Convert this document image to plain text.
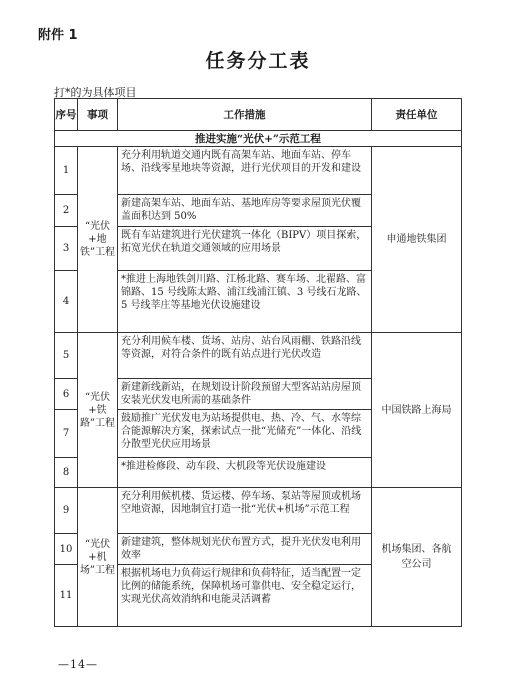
附件 1
任务分工表
打*的为具体项目
序号	事项	工作措施	责任单位
推进实施“光伏+”示范工程			
1	“光伏+地铁”工程	充分利用轨道交通内既有高架车站、地面车站、停车场、沿线零星地块等资源，进行光伏项目的开发和建设	申通地铁集团
2		新建高架车站、地面车站、基地库房等要求屋顶光伏覆盖面积达到 50%	
3		既有车站建筑进行光伏建筑一体化（BIPV）项目探索，拓宽光伏在轨道交通领域的应用场景	
4		*推进上海地铁剑川路、江杨北路、赛车场、北翟路、富锦路、15 号线陈太路、浦江线浦江镇、3 号线石龙路、5 号线莘庄等基地光伏设施建设	
5	“光伏+铁路”工程	充分利用候车楼、货场、站房、站台风雨棚、铁路沿线等资源，对符合条件的既有站点进行光伏改造	中国铁路上海局
6		新建新线新站，在规划设计阶段预留大型客站站房屋顶安装光伏发电所需的基础条件	
7		鼓励推广光伏发电为站场提供电、热、冷、气、水等综合能源解决方案，探索试点一批“光储充”一体化、沿线分散型光伏应用场景	
8		*推进检修段、动车段、大机段等光伏设施建设	
9	“光伏+机场”工程	充分利用候机楼、货运楼、停车场、泵站等屋顶或机场空地资源，因地制宜打造一批“光伏+机场”示范工程	机场集团、各航空公司
10		新建建筑，整体规划光伏布置方式，提升光伏发电利用效率	
11		根据机场电力负荷运行规律和负荷特征，适当配置一定比例的储能系统，保障机场可靠供电、安全稳定运行，实现光伏高效消纳和电能灵活调蓄	
—14—
